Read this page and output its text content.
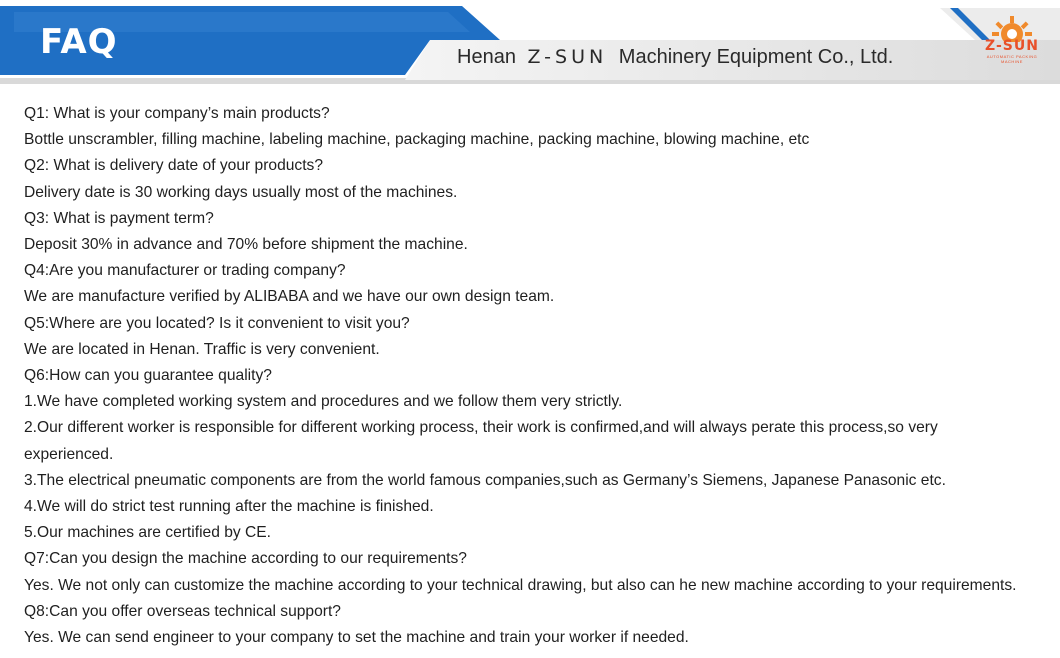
FAQ	Henan Z-SUN Machinery Equipment Co., Ltd.	Z-SUN
AUTOMATIC PACKING MACHINE
Q1: What is your company’s main products?
Bottle unscrambler, filling machine, labeling machine, packaging machine, packing machine, blowing machine, etc
Q2: What is delivery date of your products?
Delivery date is 30 working days usually most of the machines.
Q3: What is payment term?
Deposit 30% in advance and 70% before shipment the machine.
Q4:Are you manufacturer or trading company?
We are manufacture verified by ALIBABA and we have our own design team.
Q5:Where are you located? Is it convenient to visit you?
We are located in Henan. Traffic is very convenient.
Q6:How can you guarantee quality?
1.We have completed working system and procedures and we follow them very strictly.
2.Our different worker is responsible for different working process, their work is confirmed,and will always perate this process,so very
experienced.
3.The electrical pneumatic components are from the world famous companies,such as Germany’s Siemens, Japanese Panasonic etc.
4.We will do strict test running after the machine is finished.
5.Our machines are certified by CE.
Q7:Can you design the machine according to our requirements?
Yes. We not only can customize the machine according to your technical drawing, but also can he new machine according to your requirements.
Q8:Can you offer overseas technical support?
Yes. We can send engineer to your company to set the machine and train your worker if needed.
